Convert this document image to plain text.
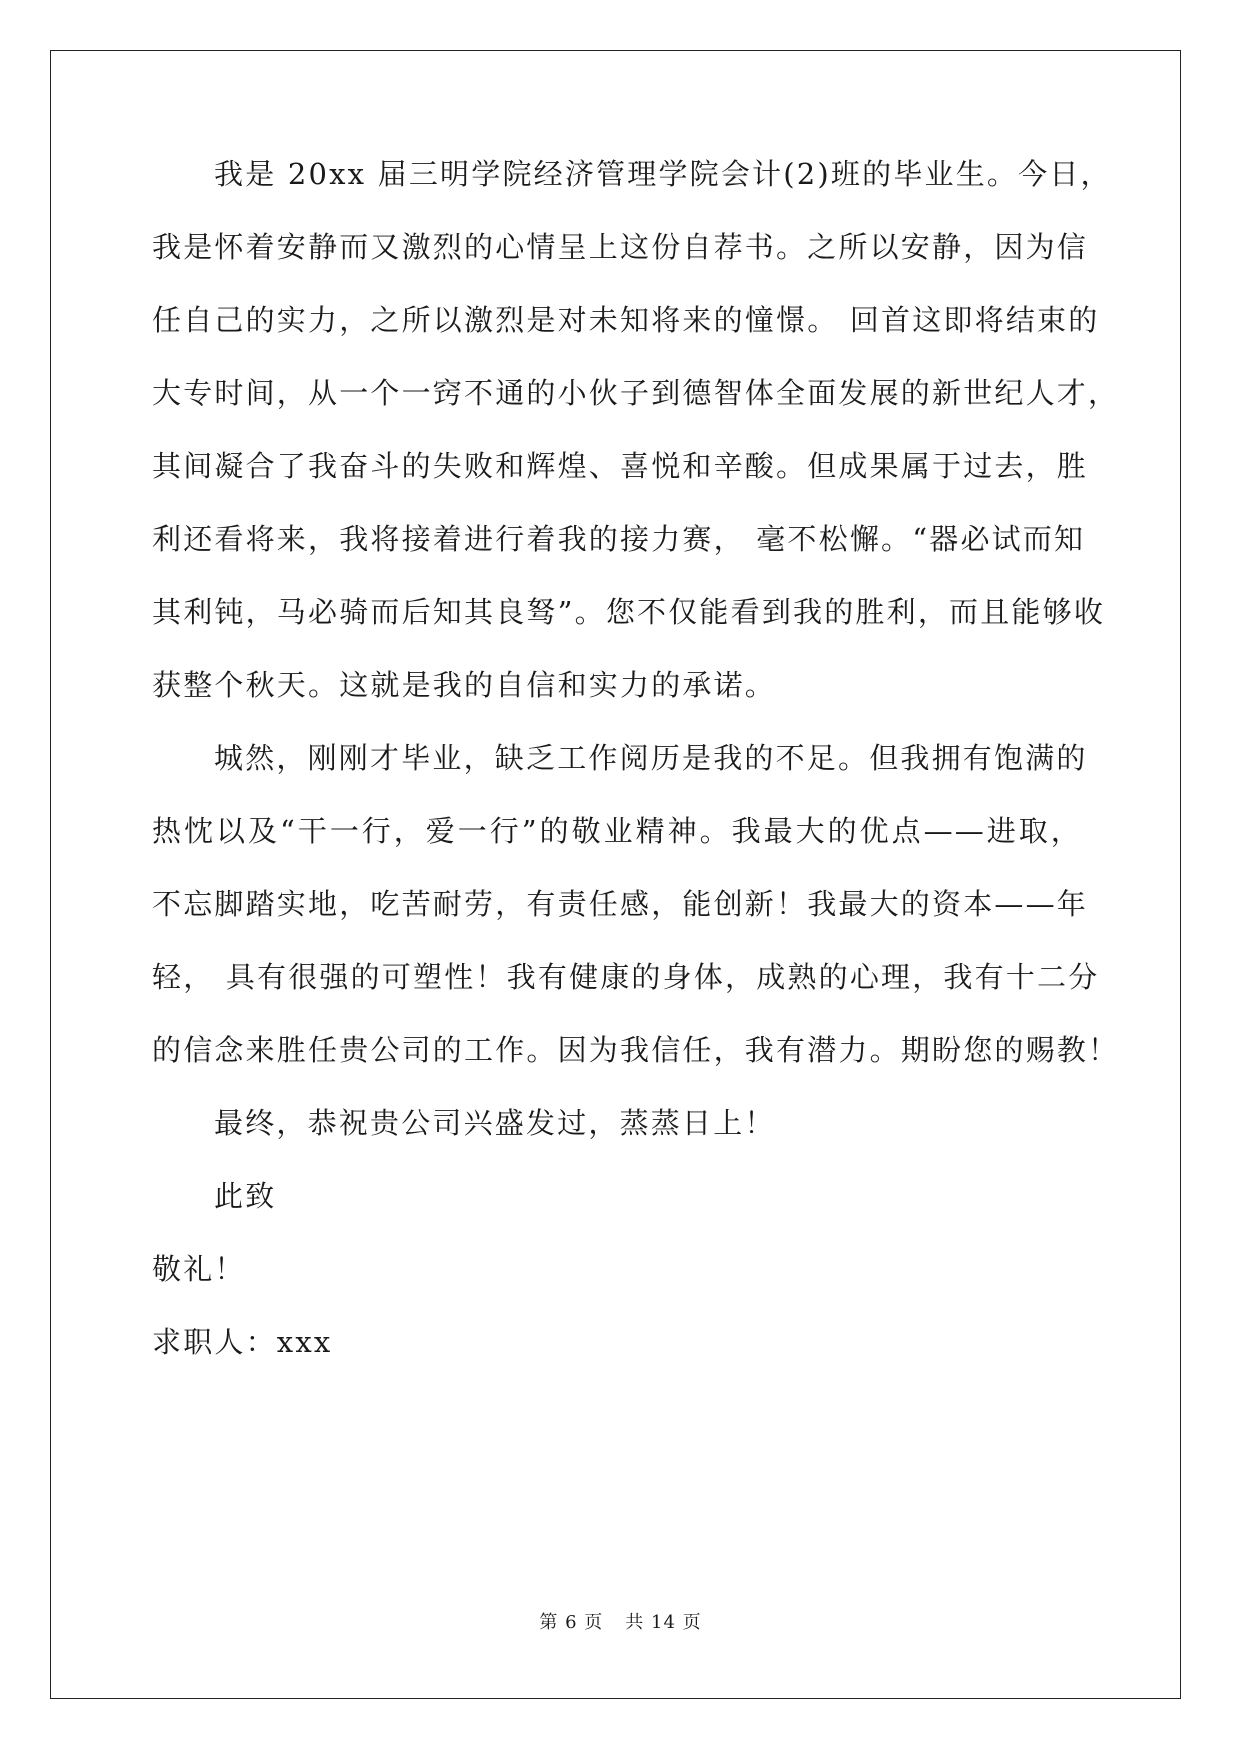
我是 20xx 届三明学院经济管理学院会计(2)班的毕业生。今日，
我是怀着安静而又激烈的心情呈上这份自荐书。之所以安静，因为信
任自己的实力，之所以激烈是对未知将来的憧憬。 回首这即将结束的
大专时间，从一个一窍不通的小伙子到德智体全面发展的新世纪人才，
其间凝合了我奋斗的失败和辉煌、喜悦和辛酸。但成果属于过去，胜
利还看将来，我将接着进行着我的接力赛， 毫不松懈。“器必试而知
其利钝，马必骑而后知其良驽”。您不仅能看到我的胜利，而且能够收
获整个秋天。这就是我的自信和实力的承诺。
城然，刚刚才毕业，缺乏工作阅历是我的不足。但我拥有饱满的
热忱以及“干一行，爱一行”的敬业精神。我最大的优点——进取，
不忘脚踏实地，吃苦耐劳，有责任感，能创新！我最大的资本——年
轻， 具有很强的可塑性！我有健康的身体，成熟的心理，我有十二分
的信念来胜任贵公司的工作。因为我信任，我有潜力。期盼您的赐教！
最终，恭祝贵公司兴盛发过，蒸蒸日上！
此致
敬礼！
求职人：xxx
第 6 页 共 14 页
